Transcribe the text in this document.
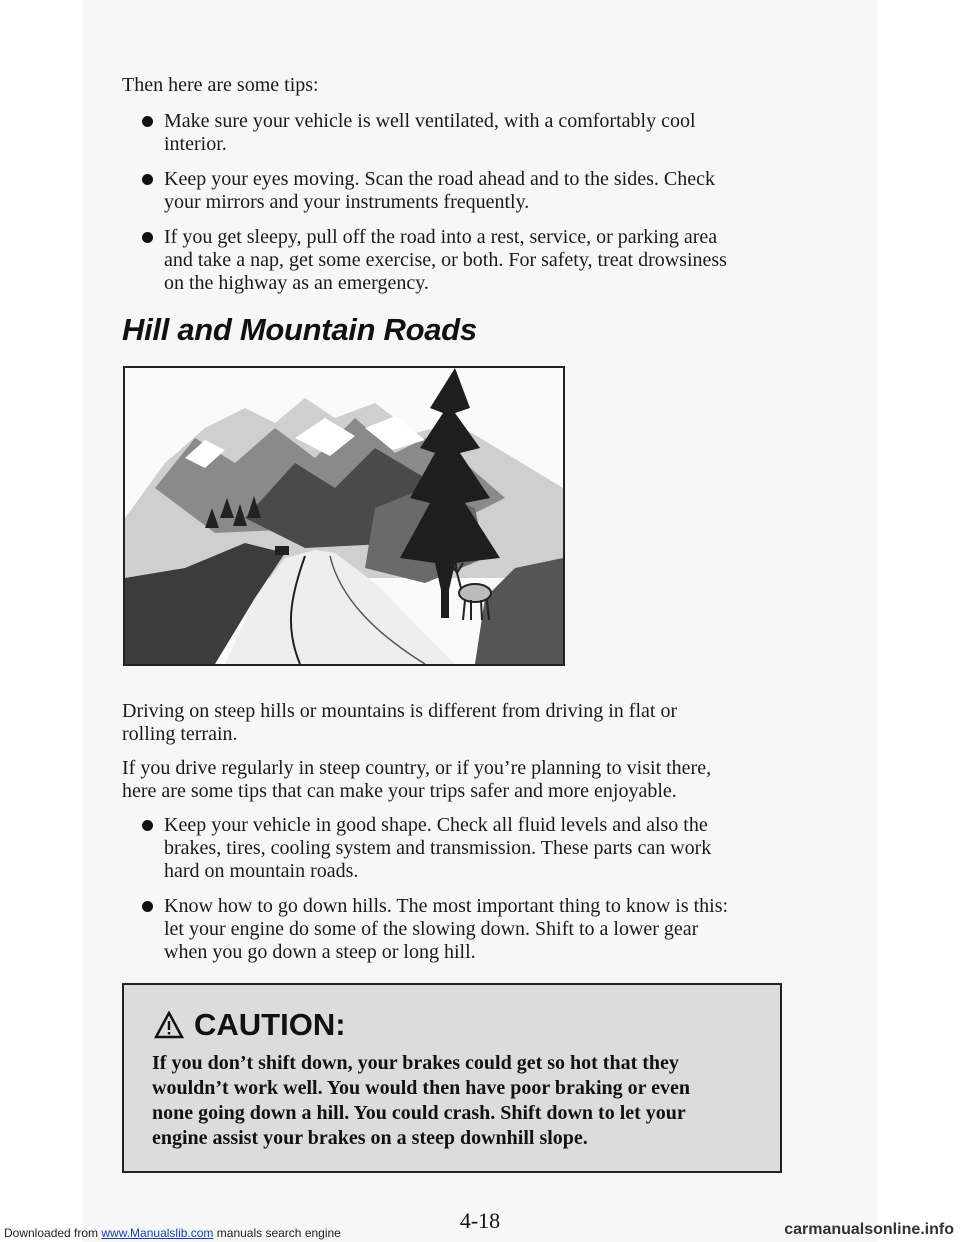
Then here are some tips:

Make sure your vehicle is well ventilated, with a comfortably cool
interior.
Keep your eyes moving. Scan the road ahead and to the sides. Check
your mirrors and your instruments frequently.
If you get sleepy, pull off the road into a rest, service, or parking area
and take a nap, get some exercise, or both. For safety, treat drowsiness
on the highway as an emergency.
Hill and Mountain Roads
Driving on steep hills or mountains is different from driving in flat or
rolling terrain.
If you drive regularly in steep country, or if you’re planning to visit there,
here are some tips that can make your trips safer and more enjoyable.
Keep your vehicle in good shape. Check all fluid levels and also the
brakes, tires, cooling system and transmission. These parts can work
hard on mountain roads.
Know how to go down hills. The most important thing to know is this:
let your engine do some of the slowing down. Shift to a lower gear
when you go down a steep or long hill.
CAUTION:
If you don’t shift down, your brakes could get so hot that they
wouldn’t work well. You would then have poor braking or even
none going down a hill. You could crash. Shift down to let your
engine assist your brakes on a steep downhill slope.
4-18
Downloaded from www.Manualslib.com manuals search engine	carmanualsonline.info
